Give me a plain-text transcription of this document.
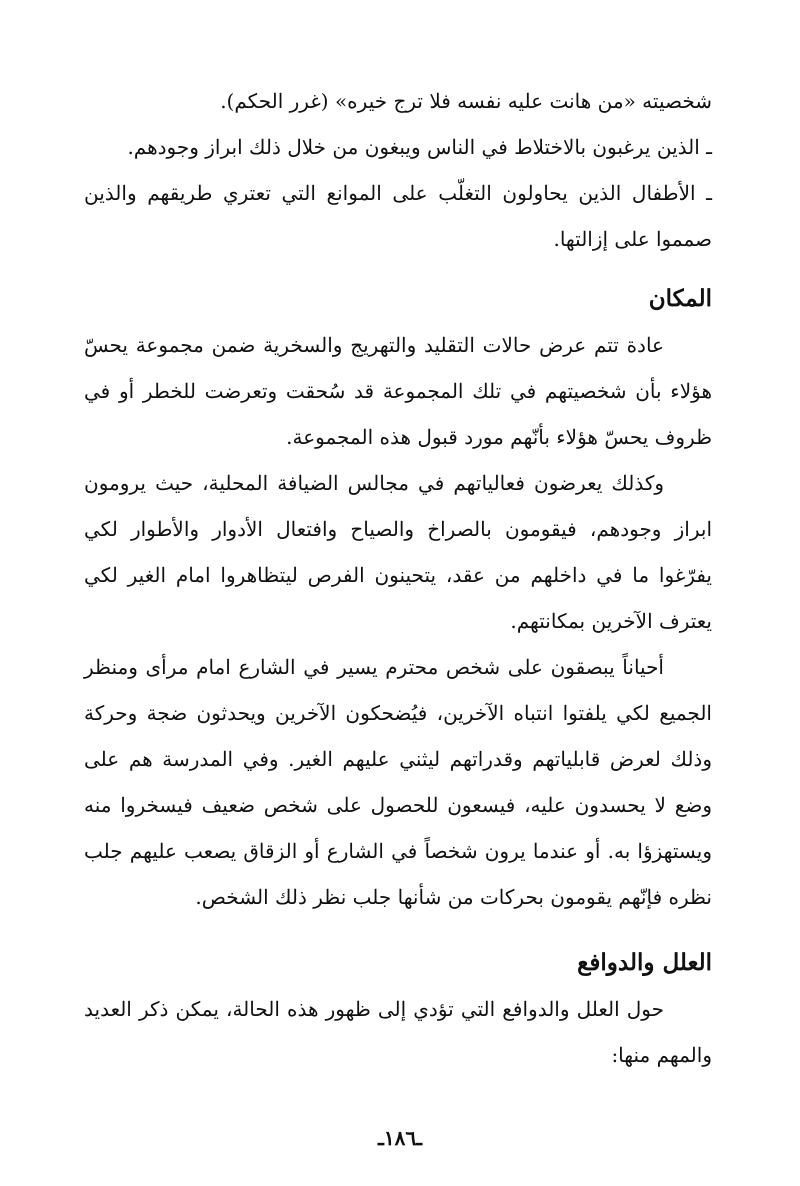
شخصيته «من هانت عليه نفسه فلا ترج خيره» (غرر الحكم).

ـ الذين يرغبون بالاختلاط في الناس ويبغون من خلال ذلك ابراز وجودهم.

ـ الأطفال الذين يحاولون التغلّب على الموانع التي تعتري طريقهم والذين صمموا على إزالتها.

المكان

عادة تتم عرض حالات التقليد والتهريج والسخرية ضمن مجموعة يحسّ هؤلاء بأن شخصيتهم في تلك المجموعة قد سُحقت وتعرضت للخطر أو في ظروف يحسّ هؤلاء بأنّهم مورد قبول هذه المجموعة.

وكذلك يعرضون فعالياتهم في مجالس الضيافة المحلية، حيث يرومون ابراز وجودهم، فيقومون بالصراخ والصياح وافتعال الأدوار والأطوار لكي يفرّغوا ما في داخلهم من عقد، يتحينون الفرص ليتظاهروا امام الغير لكي يعترف الآخرين بمكانتهم.

أحياناً يبصقون على شخص محترم يسير في الشارع امام مرأى ومنظر الجميع لكي يلفتوا انتباه الآخرين، فيُضحكون الآخرين ويحدثون ضجة وحركة وذلك لعرض قابلياتهم وقدراتهم ليثني عليهم الغير. وفي المدرسة هم على وضع لا يحسدون عليه، فيسعون للحصول على شخص ضعيف فيسخروا منه ويستهزؤا به. أو عندما يرون شخصاً في الشارع أو الزقاق يصعب عليهم جلب نظره فإنّهم يقومون بحركات من شأنها جلب نظر ذلك الشخص.

العلل والدوافع

حول العلل والدوافع التي تؤدي إلى ظهور هذه الحالة، يمكن ذكر العديد والمهم منها:

ـ١٨٦ـ
